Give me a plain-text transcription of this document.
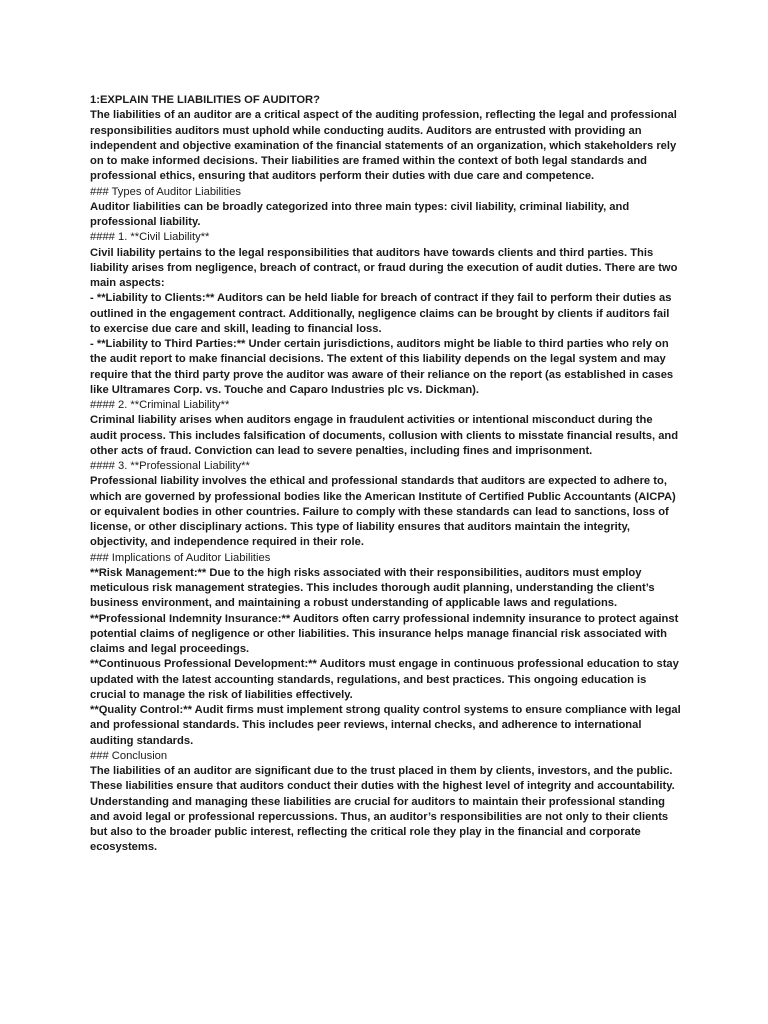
1:EXPLAIN THE LIABILITIES OF AUDITOR?

The liabilities of an auditor are a critical aspect of the auditing profession, reflecting the legal and professional responsibilities auditors must uphold while conducting audits. Auditors are entrusted with providing an independent and objective examination of the financial statements of an organization, which stakeholders rely on to make informed decisions. Their liabilities are framed within the context of both legal standards and professional ethics, ensuring that auditors perform their duties with due care and competence.

### Types of Auditor Liabilities

Auditor liabilities can be broadly categorized into three main types: civil liability, criminal liability, and professional liability.

#### 1. **Civil Liability**

Civil liability pertains to the legal responsibilities that auditors have towards clients and third parties. This liability arises from negligence, breach of contract, or fraud during the execution of audit duties. There are two main aspects:

- **Liability to Clients:** Auditors can be held liable for breach of contract if they fail to perform their duties as outlined in the engagement contract. Additionally, negligence claims can be brought by clients if auditors fail to exercise due care and skill, leading to financial loss.

- **Liability to Third Parties:** Under certain jurisdictions, auditors might be liable to third parties who rely on the audit report to make financial decisions. The extent of this liability depends on the legal system and may require that the third party prove the auditor was aware of their reliance on the report (as established in cases like Ultramares Corp. vs. Touche and Caparo Industries plc vs. Dickman).

#### 2. **Criminal Liability**

Criminal liability arises when auditors engage in fraudulent activities or intentional misconduct during the audit process. This includes falsification of documents, collusion with clients to misstate financial results, and other acts of fraud. Conviction can lead to severe penalties, including fines and imprisonment.

#### 3. **Professional Liability**

Professional liability involves the ethical and professional standards that auditors are expected to adhere to, which are governed by professional bodies like the American Institute of Certified Public Accountants (AICPA) or equivalent bodies in other countries. Failure to comply with these standards can lead to sanctions, loss of license, or other disciplinary actions. This type of liability ensures that auditors maintain the integrity, objectivity, and independence required in their role.

### Implications of Auditor Liabilities

**Risk Management:** Due to the high risks associated with their responsibilities, auditors must employ meticulous risk management strategies. This includes thorough audit planning, understanding the client’s business environment, and maintaining a robust understanding of applicable laws and regulations.

**Professional Indemnity Insurance:** Auditors often carry professional indemnity insurance to protect against potential claims of negligence or other liabilities. This insurance helps manage financial risk associated with claims and legal proceedings.

**Continuous Professional Development:** Auditors must engage in continuous professional education to stay updated with the latest accounting standards, regulations, and best practices. This ongoing education is crucial to manage the risk of liabilities effectively.

**Quality Control:** Audit firms must implement strong quality control systems to ensure compliance with legal and professional standards. This includes peer reviews, internal checks, and adherence to international auditing standards.

### Conclusion

The liabilities of an auditor are significant due to the trust placed in them by clients, investors, and the public. These liabilities ensure that auditors conduct their duties with the highest level of integrity and accountability. Understanding and managing these liabilities are crucial for auditors to maintain their professional standing and avoid legal or professional repercussions. Thus, an auditor’s responsibilities are not only to their clients but also to the broader public interest, reflecting the critical role they play in the financial and corporate ecosystems.
